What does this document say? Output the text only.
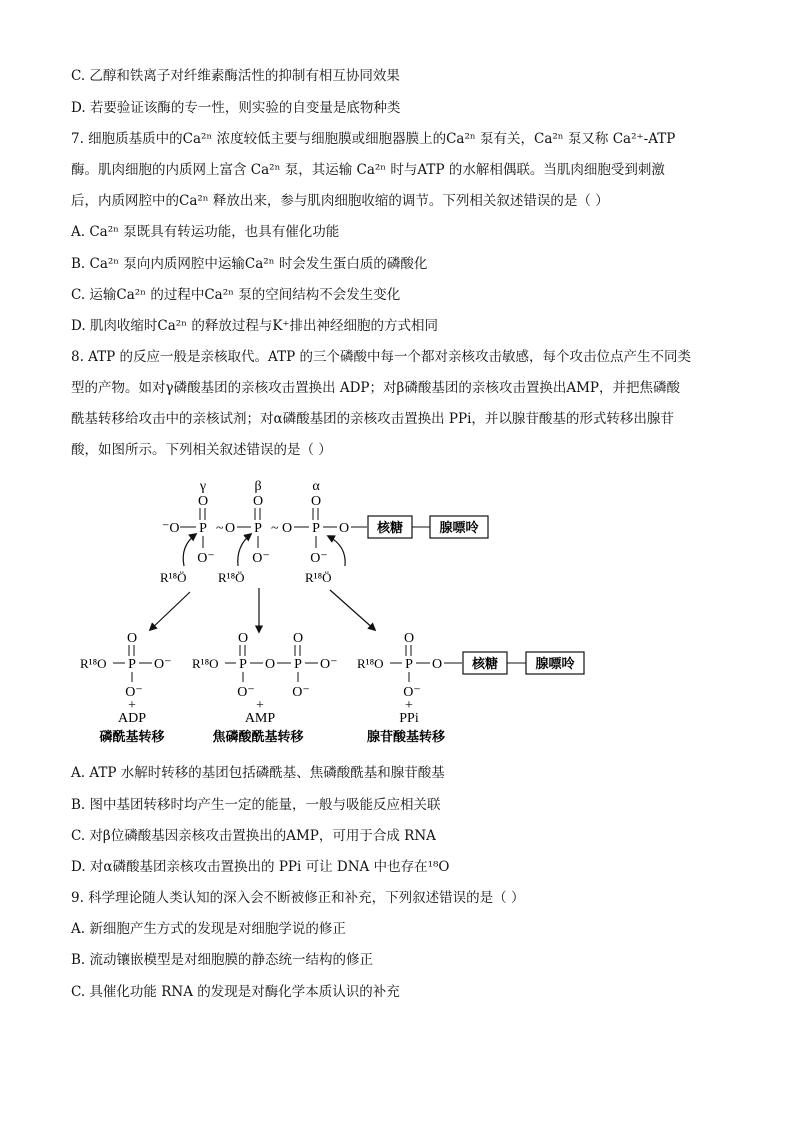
C. 乙醇和铁离子对纤维素酶活性的抑制有相互协同效果
D. 若要验证该酶的专一性，则实验的自变量是底物种类
7. 细胞质基质中的Ca²ⁿ 浓度较低主要与细胞膜或细胞器膜上的Ca²ⁿ 泵有关，Ca²ⁿ 泵又称 Ca²⁺-ATP
酶。肌肉细胞的内质网上富含 Ca²ⁿ 泵，其运输 Ca²ⁿ 时与ATP 的水解相偶联。当肌肉细胞受到刺激
后，内质网腔中的Ca²ⁿ 释放出来，参与肌肉细胞收缩的调节。下列相关叙述错误的是（ ）
A. Ca²ⁿ 泵既具有转运功能，也具有催化功能
B. Ca²ⁿ 泵向内质网腔中运输Ca²ⁿ 时会发生蛋白质的磷酸化
C. 运输Ca²ⁿ 的过程中Ca²ⁿ 泵的空间结构不会发生变化
D. 肌肉收缩时Ca²ⁿ 的释放过程与K⁺排出神经细胞的方式相同
8. ATP 的反应一般是亲核取代。ATP 的三个磷酸中每一个都对亲核攻击敏感，每个攻击位点产生不同类
型的产物。如对γ磷酸基团的亲核攻击置换出 ADP；对β磷酸基团的亲核攻击置换出AMP，并把焦磷酸
酰基转移给攻击中的亲核试剂；对α磷酸基团的亲核攻击置换出 PPi，并以腺苷酸基的形式转移出腺苷
酸，如图所示。下列相关叙述错误的是（ ）
A. ATP 水解时转移的基团包括磷酰基、焦磷酸酰基和腺苷酸基
B. 图中基团转移时均产生一定的能量，一般与吸能反应相关联
C. 对β位磷酸基因亲核攻击置换出的AMP，可用于合成 RNA
D. 对α磷酸基团亲核攻击置换出的 PPi 可让 DNA 中也存在¹⁸O
9. 科学理论随人类认知的深入会不断被修正和补充，下列叙述错误的是（ ）
A. 新细胞产生方式的发现是对细胞学说的修正
B. 流动镶嵌模型是对细胞膜的静态统一结构的修正
C. 具催化功能 RNA 的发现是对酶化学本质认识的补充
γ	β	α
O	O	O
⁻O P ~ O P ~ O P O 核糖	腺嘌呤
O⁻	O⁻	O⁻
R¹⁸Ö R¹⁸Ö	R¹⁸Ö
O
R¹⁸O P O⁻
O⁻
+
ADP
磷酰基转移
O	O
R¹⁸O P O P O⁻
O⁻	O⁻
+
AMP
焦磷酸酰基转移
O
R¹⁸O P O 核糖	腺嘌呤
O⁻
+
PPi
腺苷酸基转移
